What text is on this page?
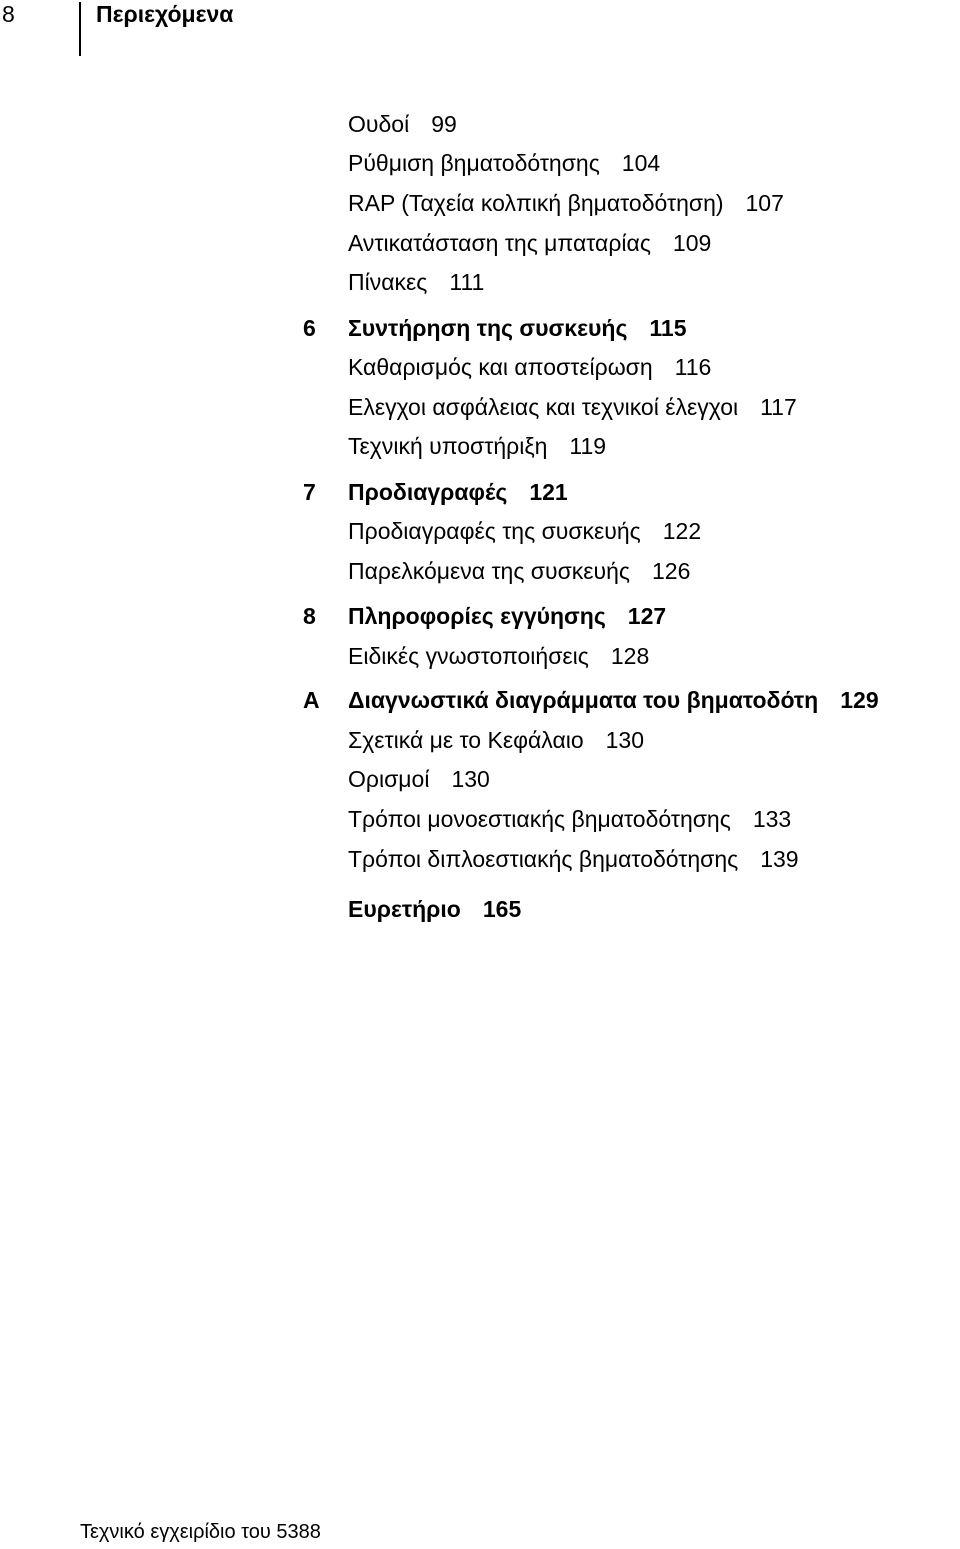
8	Περιεχόμενα
Ουδοί 99
Ρύθμιση βηματοδότησης 104
RAP (Ταχεία κολπική βηματοδότηση) 107
Αντικατάσταση της μπαταρίας 109
Πίνακες 111
6 Συντήρηση της συσκευής 115
Καθαρισμός και αποστείρωση 116
Ελεγχοι ασφάλειας και τεχνικοί έλεγχοι 117
Τεχνική υποστήριξη 119
7 Προδιαγραφές 121
Προδιαγραφές της συσκευής 122
Παρελκόμενα της συσκευής 126
8 Πληροφορίες εγγύησης 127
Ειδικές γνωστοποιήσεις 128
A Διαγνωστικά διαγράμματα του βηματοδότη 129
Σχετικά με το Κεφάλαιο 130
Ορισμοί 130
Τρόποι μονοεστιακής βηματοδότησης 133
Τρόποι διπλοεστιακής βηματοδότησης 139
Ευρετήριο 165
Τεχνικό εγχειρίδιο του 5388
